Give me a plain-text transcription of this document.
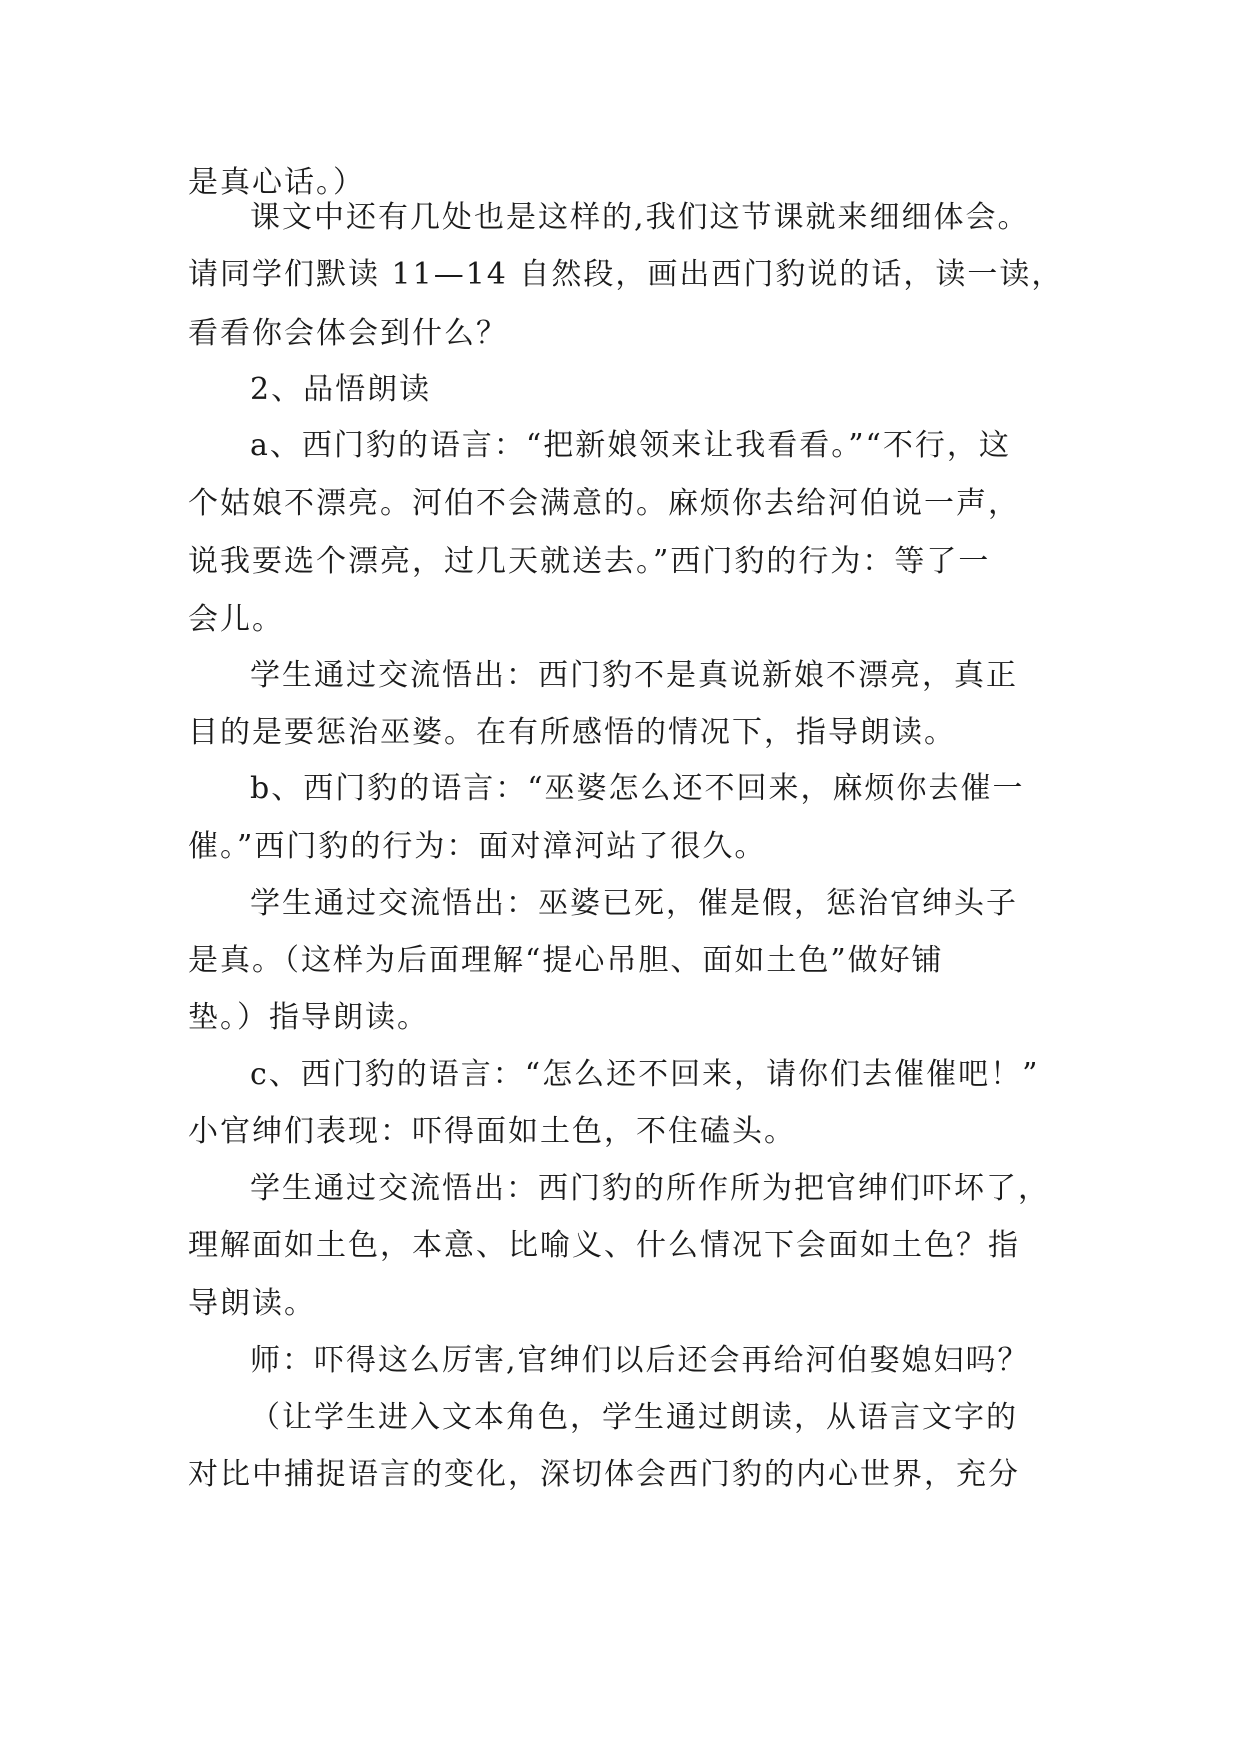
是真心话。）
课文中还有几处也是这样的,我们这节课就来细细体会。
请同学们默读 11—14 自然段，画出西门豹说的话，读一读，
看看你会体会到什么？
2、品悟朗读
a、西门豹的语言：“把新娘领来让我看看。”“不行，这
个姑娘不漂亮。河伯不会满意的。麻烦你去给河伯说一声，
说我要选个漂亮，过几天就送去。”西门豹的行为：等了一
会儿。
学生通过交流悟出：西门豹不是真说新娘不漂亮，真正
目的是要惩治巫婆。在有所感悟的情况下，指导朗读。
b、西门豹的语言：“巫婆怎么还不回来，麻烦你去催一
催。”西门豹的行为：面对漳河站了很久。
学生通过交流悟出：巫婆已死，催是假，惩治官绅头子
是真。（这样为后面理解“提心吊胆、面如土色”做好铺
垫。）指导朗读。
c、西门豹的语言：“怎么还不回来，请你们去催催吧！”
小官绅们表现：吓得面如土色，不住磕头。
学生通过交流悟出：西门豹的所作所为把官绅们吓坏了，
理解面如土色，本意、比喻义、什么情况下会面如土色？指
导朗读。
师：吓得这么厉害,官绅们以后还会再给河伯娶媳妇吗？
（让学生进入文本角色，学生通过朗读，从语言文字的
对比中捕捉语言的变化，深切体会西门豹的内心世界，充分
